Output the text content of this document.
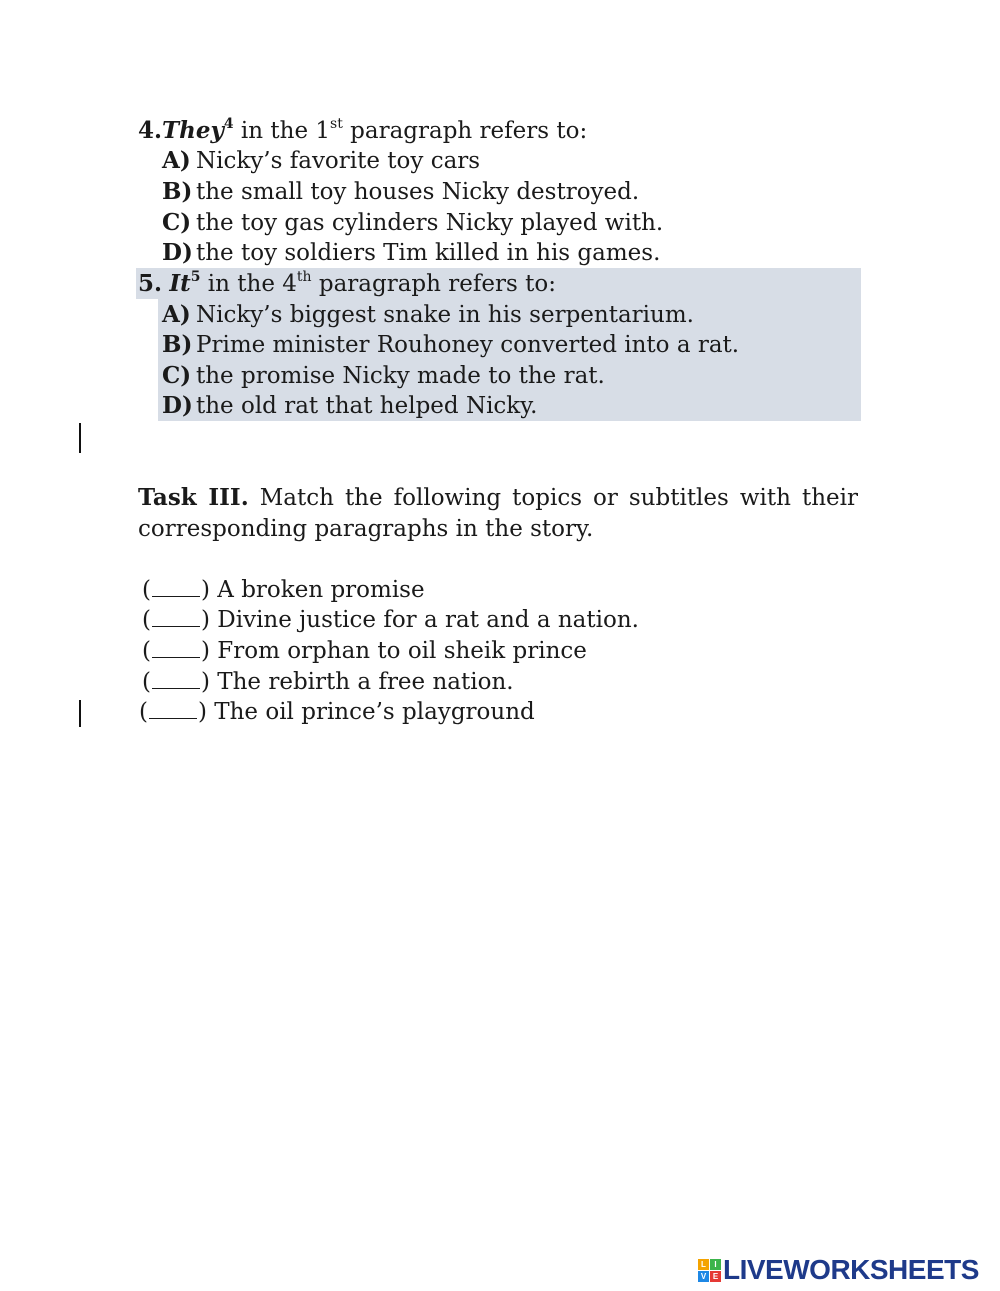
4.They$^4$ in the 1st paragraph refers to:
A) Nicky’s favorite toy cars
B) the small toy houses Nicky destroyed.
C) the toy gas cylinders Nicky played with.
D) the toy soldiers Tim killed in his games.
5. It$^5$ in the 4th paragraph refers to:
A) Nicky’s biggest snake in his serpentarium.
B) Prime minister Rouhoney converted into a rat.
C) the promise Nicky made to the rat.
D) the old rat that helped Nicky.
Task III. Match the following topics or subtitles with their corresponding paragraphs in the story.
( ) A broken promise
( ) Divine justice for a rat and a nation.
( ) From orphan to oil sheik prince
( ) The rebirth a free nation.
( ) The oil prince’s playground
L	I
V E LIVEWORKSHEETS
